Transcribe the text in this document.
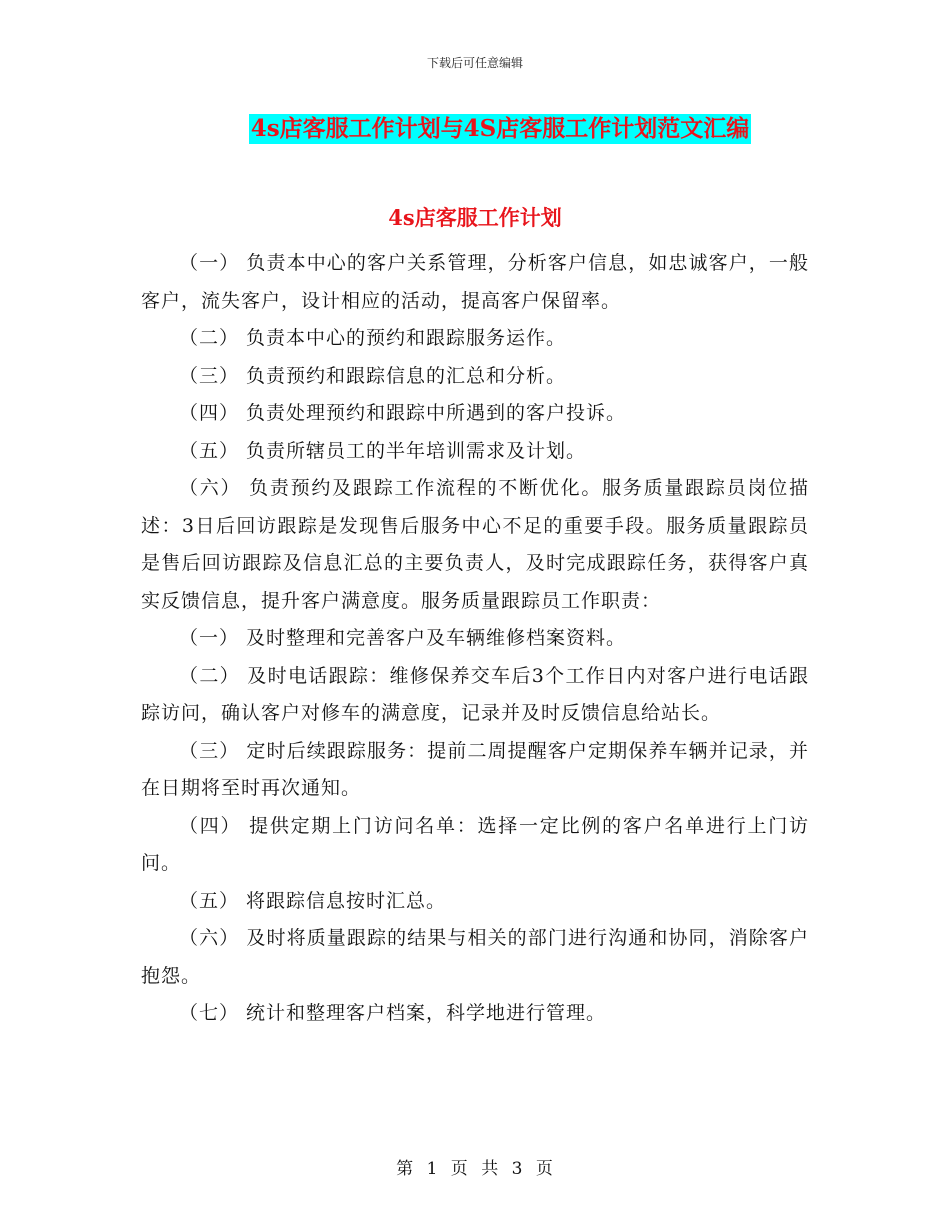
下载后可任意编辑
4s店客服工作计划与4S店客服工作计划范文汇编
4s店客服工作计划

（一） 负责本中心的客户关系管理，分析客户信息，如忠诚客户，一般客户，流失客户，设计相应的活动，提高客户保留率。

（二） 负责本中心的预约和跟踪服务运作。

（三） 负责预约和跟踪信息的汇总和分析。

（四） 负责处理预约和跟踪中所遇到的客户投诉。

（五） 负责所辖员工的半年培训需求及计划。

（六） 负责预约及跟踪工作流程的不断优化。服务质量跟踪员岗位描述：3日后回访跟踪是发现售后服务中心不足的重要手段。服务质量跟踪员是售后回访跟踪及信息汇总的主要负责人，及时完成跟踪任务，获得客户真实反馈信息，提升客户满意度。服务质量跟踪员工作职责：

（一） 及时整理和完善客户及车辆维修档案资料。

（二） 及时电话跟踪：维修保养交车后3个工作日内对客户进行电话跟踪访问，确认客户对修车的满意度，记录并及时反馈信息给站长。

（三） 定时后续跟踪服务：提前二周提醒客户定期保养车辆并记录，并在日期将至时再次通知。

（四） 提供定期上门访问名单：选择一定比例的客户名单进行上门访问。

（五） 将跟踪信息按时汇总。

（六） 及时将质量跟踪的结果与相关的部门进行沟通和协同，消除客户抱怨。

（七） 统计和整理客户档案，科学地进行管理。

第 1 页 共 3 页
